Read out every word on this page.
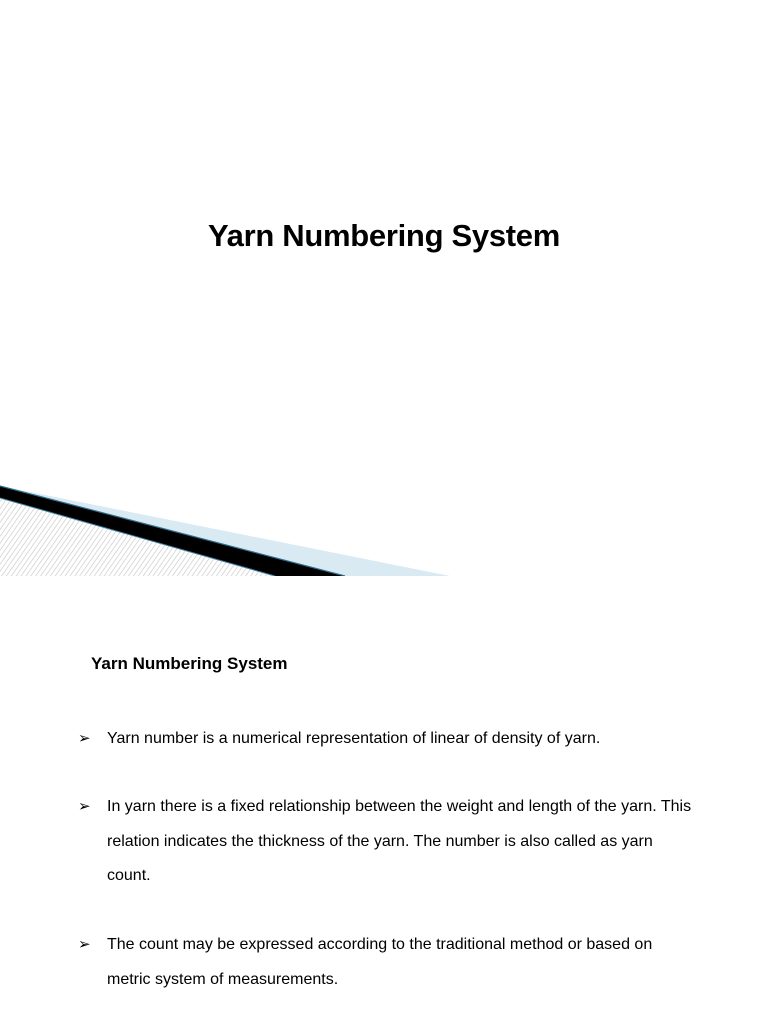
Yarn Numbering System
Yarn Numbering System
➢ Yarn number is a numerical representation of linear of density of yarn.
➢ In yarn there is a fixed relationship between the weight and length of the yarn. This relation indicates the thickness of the yarn. The number is also called as yarn count.
➢ The count may be expressed according to the traditional method or based on metric system of measurements.
